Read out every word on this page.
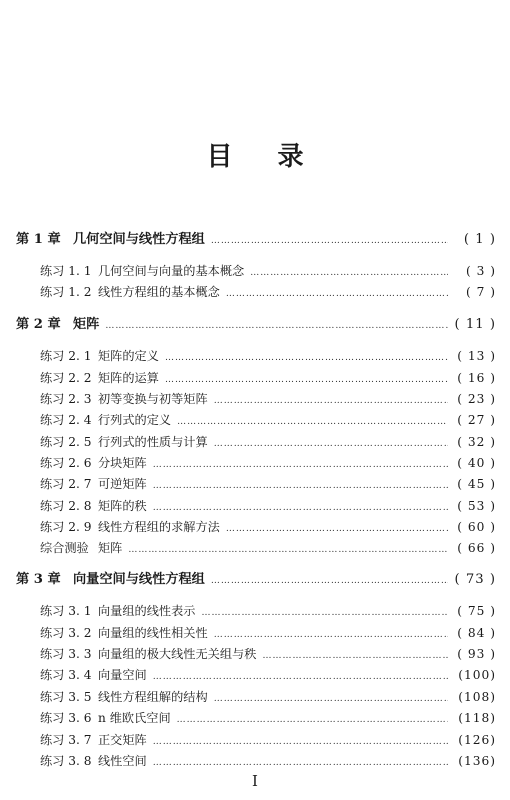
目 录
第 1 章 几何空间与线性方程组 …………………………………………………………………………………………………………………………………………………………	( 1 )
练习 1. 1 几何空间与向量的基本概念 …………………………………………………………………………………………………………………………………………………………	( 3 )
练习 1. 2 线性方程组的基本概念 …………………………………………………………………………………………………………………………………………………………	( 7 )
第 2 章 矩阵 …………………………………………………………………………………………………………………………………………………………	( 11 )
练习 2. 1 矩阵的定义 …………………………………………………………………………………………………………………………………………………………	( 13 )
练习 2. 2 矩阵的运算 …………………………………………………………………………………………………………………………………………………………	( 16 )
练习 2. 3 初等变换与初等矩阵 …………………………………………………………………………………………………………………………………………………………	( 23 )
练习 2. 4 行列式的定义 …………………………………………………………………………………………………………………………………………………………	( 27 )
练习 2. 5 行列式的性质与计算 …………………………………………………………………………………………………………………………………………………………	( 32 )
练习 2. 6 分块矩阵 …………………………………………………………………………………………………………………………………………………………	( 40 )
练习 2. 7 可逆矩阵 …………………………………………………………………………………………………………………………………………………………	( 45 )
练习 2. 8 矩阵的秩 …………………………………………………………………………………………………………………………………………………………	( 53 )
练习 2. 9 线性方程组的求解方法 …………………………………………………………………………………………………………………………………………………………	( 60 )
综合测验 矩阵 …………………………………………………………………………………………………………………………………………………………	( 66 )
第 3 章 向量空间与线性方程组 …………………………………………………………………………………………………………………………………………………………	( 73 )
练习 3. 1 向量组的线性表示 …………………………………………………………………………………………………………………………………………………………	( 75 )
练习 3. 2 向量组的线性相关性 …………………………………………………………………………………………………………………………………………………………	( 84 )
练习 3. 3 向量组的极大线性无关组与秩 …………………………………………………………………………………………………………………………………………………………	( 93 )
练习 3. 4 向量空间 …………………………………………………………………………………………………………………………………………………………	(100)
练习 3. 5 线性方程组解的结构 …………………………………………………………………………………………………………………………………………………………	(108)
练习 3. 6 n 维欧氏空间 …………………………………………………………………………………………………………………………………………………………	(118)
练习 3. 7 正交矩阵 …………………………………………………………………………………………………………………………………………………………	(126)
练习 3. 8 线性空间 …………………………………………………………………………………………………………………………………………………………	(136)
I
